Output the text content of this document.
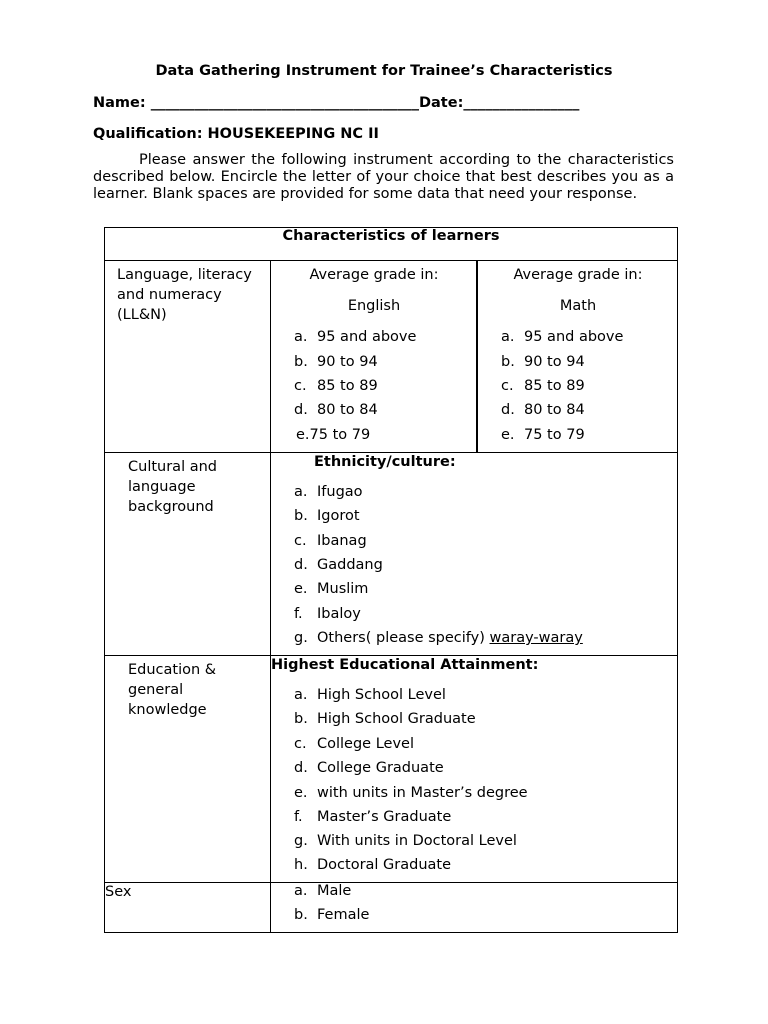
Data Gathering Instrument for Trainee’s Characteristics
Name: _____________________________________Date:________________
Qualification: HOUSEKEEPING NC II
Please answer the following instrument according to the characteristics described below. Encircle the letter of your choice that best describes you as a learner. Blank spaces are provided for some data that need your response.
Characteristics of learners
Language, literacy and numeracy (LL&N)
Average grade in:
English
a. 95 and above
b. 90 to 94
c. 85 to 89
d. 80 to 84
e.75 to 79
Average grade in:
Math
a. 95 and above
b. 90 to 94
c. 85 to 89
d. 80 to 84
e. 75 to 79
Cultural and language background
Ethnicity/culture:
a. Ifugao
b. Igorot
c. Ibanag
d. Gaddang
e. Muslim
f. Ibaloy
g. Others( please specify) waray-waray
Education & general knowledge
Highest Educational Attainment:
a. High School Level
b. High School Graduate
c. College Level
d. College Graduate
e. with units in Master’s degree
f. Master’s Graduate
g. With units in Doctoral Level
h. Doctoral Graduate
Sex	a. Male
b. Female
